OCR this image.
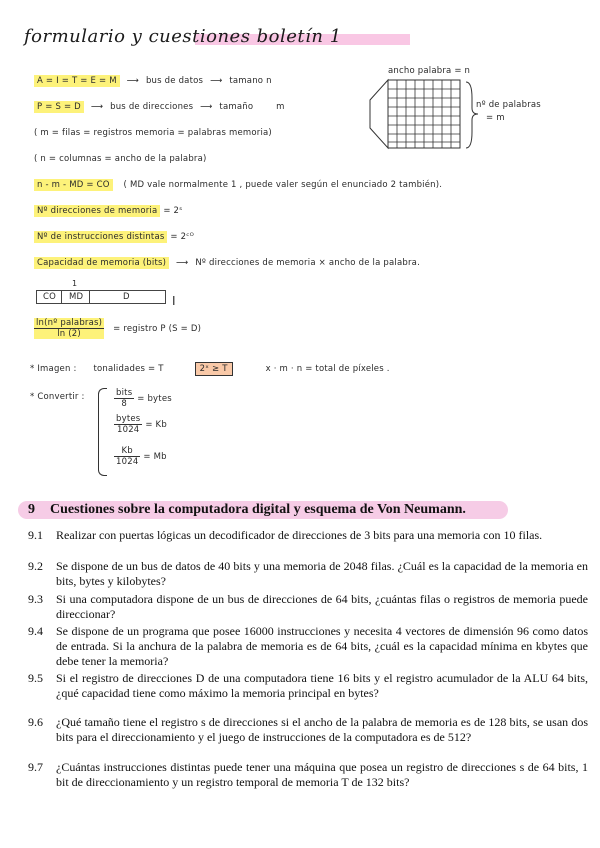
formulario y cuestiones boletín 1
A = I = T = E = M ⟶ bus de datos ⟶ tamano n
P = S = D ⟶ bus de direcciones ⟶ tamaño	m
( m = filas = registros memoria = palabras memoria)
( n = columnas = ancho de la palabra)
n - m - MD = CO ( MD vale normalmente 1 , puede valer según el enunciado 2 también).
Nº direcciones de memoria = 2ˢ
Nº de instrucciones distintas = 2ᶜᴼ
Capacidad de memoria (bits) ⟶ Nº direcciones de memoria × ancho de la palabra.
1
CO MD	D	I
$\frac{\text{ln(nº palabras)}}{\ln (2)}$ = registro P (S = D)
* Imagen : tonalidades = T	2ˣ ≥ T	x · m · n = total de píxeles .
* Convertir :	$\frac{\text{bits}}{8}$ = bytes
$\frac{\text{bytes}}{1024} = Kb$
$\frac{Kb}{1024} = Mb$
ancho palabra = n
nº de palabras
= m
9 Cuestiones sobre la computadora digital y esquema de Von Neumann.
9.1	Realizar con puertas lógicas un decodificador de direcciones de 3 bits para una memoria con 10 filas.
9.2	Se dispone de un bus de datos de 40 bits y una memoria de 2048 filas. ¿Cuál es la capacidad de la memoria en bits, bytes y kilobytes?
9.3	Si una computadora dispone de un bus de direcciones de 64 bits, ¿cuántas filas o registros de memoria puede direccionar?
9.4	Se dispone de un programa que posee 16000 instrucciones y necesita 4 vectores de dimensión 96 como datos de entrada. Si la anchura de la palabra de memoria es de 64 bits, ¿cuál es la capacidad mínima en kbytes que debe tener la memoria?
9.5	Si el registro de direcciones D de una computadora tiene 16 bits y el registro acumulador de la ALU 64 bits, ¿qué capacidad tiene como máximo la memoria principal en bytes?
9.6	¿Qué tamaño tiene el registro s de direcciones si el ancho de la palabra de memoria es de 128 bits, se usan dos bits para el direccionamiento y el juego de instrucciones de la computadora es de 512?
9.7	¿Cuántas instrucciones distintas puede tener una máquina que posea un registro de direcciones s de 64 bits, 1 bit de direccionamiento y un registro temporal de memoria T de 132 bits?
